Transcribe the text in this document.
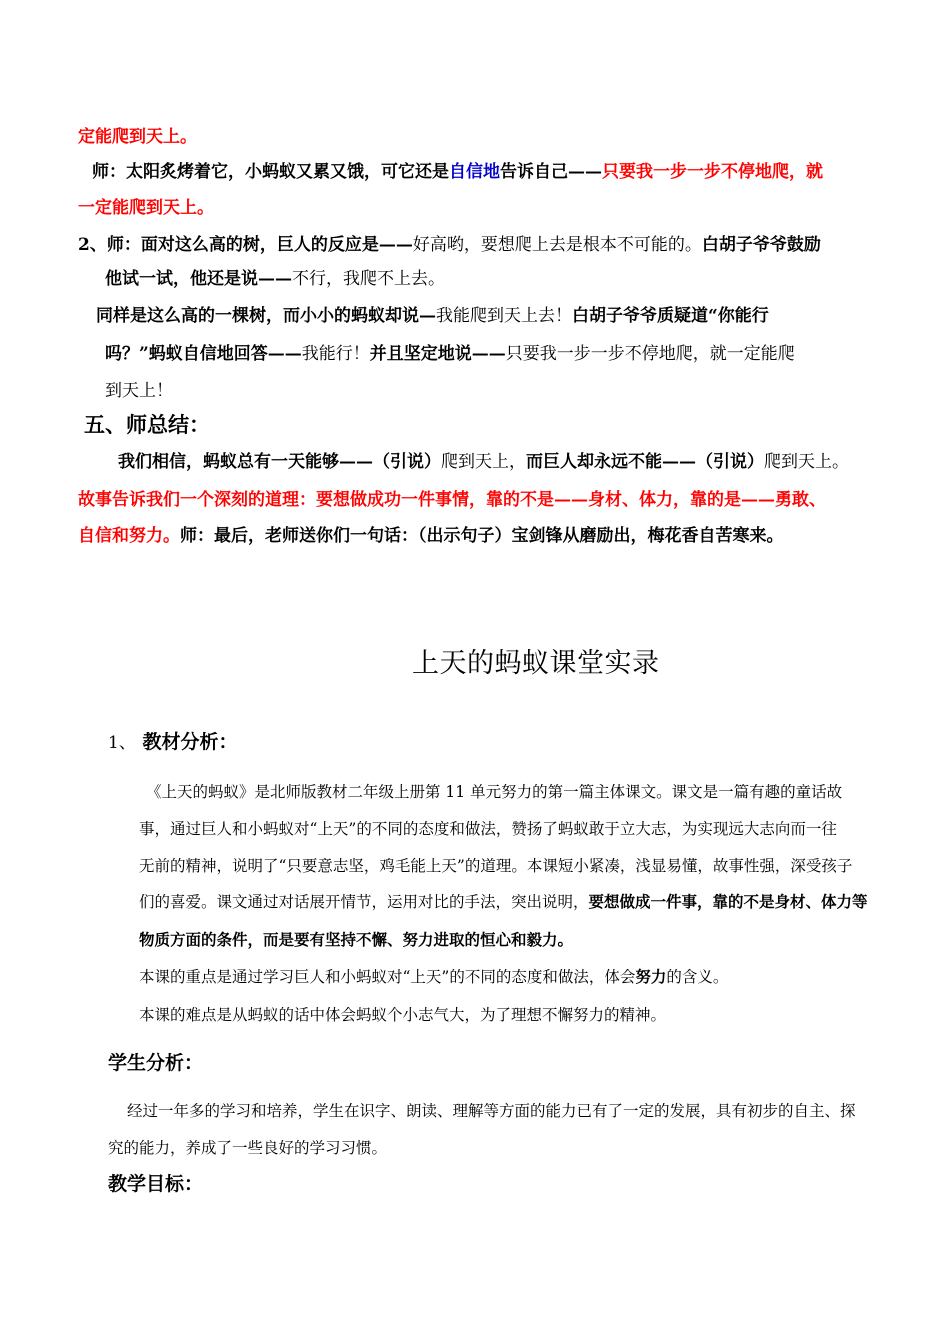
定能爬到天上。
师：太阳炙烤着它，小蚂蚁又累又饿，可它还是自信地告诉自己——只要我一步一步不停地爬，就
一定能爬到天上。
2、师：面对这么高的树，巨人的反应是——好高哟，要想爬上去是根本不可能的。白胡子爷爷鼓励
他试一试，他还是说——不行，我爬不上去。
同样是这么高的一棵树，而小小的蚂蚁却说—我能爬到天上去！白胡子爷爷质疑道“你能行
吗？”蚂蚁自信地回答——我能行！并且坚定地说——只要我一步一步不停地爬，就一定能爬
到天上！
五、师总结：
我们相信，蚂蚁总有一天能够——（引说）爬到天上，而巨人却永远不能——（引说）爬到天上。
故事告诉我们一个深刻的道理：要想做成功一件事情，靠的不是——身材、体力，靠的是——勇敢、
自信和努力。师：最后，老师送你们一句话：（出示句子）宝剑锋从磨励出，梅花香自苦寒来。
上天的蚂蚁课堂实录
1、 教材分析：
《上天的蚂蚁》是北师版教材二年级上册第 11 单元努力的第一篇主体课文。课文是一篇有趣的童话故
事，通过巨人和小蚂蚁对“上天”的不同的态度和做法，赞扬了蚂蚁敢于立大志，为实现远大志向而一往
无前的精神，说明了“只要意志坚，鸡毛能上天”的道理。本课短小紧凑，浅显易懂，故事性强，深受孩子
们的喜爱。课文通过对话展开情节，运用对比的手法，突出说明，要想做成一件事，靠的不是身材、体力等
物质方面的条件，而是要有坚持不懈、努力进取的恒心和毅力。
本课的重点是通过学习巨人和小蚂蚁对“上天”的不同的态度和做法，体会努力的含义。
本课的难点是从蚂蚁的话中体会蚂蚁个小志气大，为了理想不懈努力的精神。
学生分析：
经过一年多的学习和培养，学生在识字、朗读、理解等方面的能力已有了一定的发展，具有初步的自主、探
究的能力，养成了一些良好的学习习惯。
教学目标：
